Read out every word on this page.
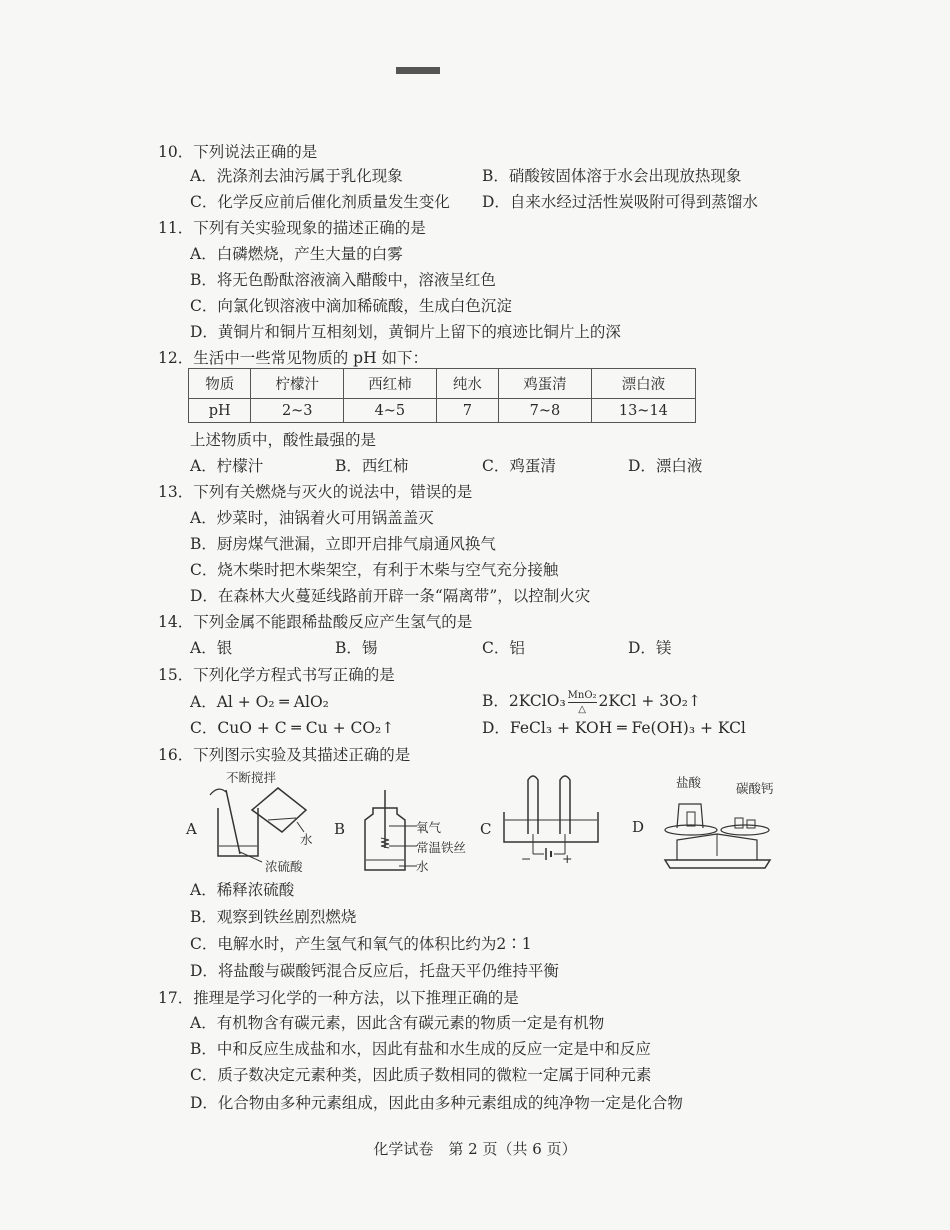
10．下列说法正确的是
A．洗涤剂去油污属于乳化现象	B．硝酸铵固体溶于水会出现放热现象
C．化学反应前后催化剂质量发生变化 D．自来水经过活性炭吸附可得到蒸馏水
11．下列有关实验现象的描述正确的是
A．白磷燃烧，产生大量的白雾
B．将无色酚酞溶液滴入醋酸中，溶液呈红色
C．向氯化钡溶液中滴加稀硫酸，生成白色沉淀
D．黄铜片和铜片互相刻划，黄铜片上留下的痕迹比铜片上的深
12．生活中一些常见物质的 pH 如下：
物质	柠檬汁	西红柿	纯水	鸡蛋清	漂白液
pH	2~3	4~5	7	7~8	13~14
上述物质中，酸性最强的是
A．柠檬汁	B．西红柿	C．鸡蛋清	D．漂白液
13．下列有关燃烧与灭火的说法中，错误的是
A．炒菜时，油锅着火可用锅盖盖灭
B．厨房煤气泄漏，立即开启排气扇通风换气
C．烧木柴时把木柴架空，有利于木柴与空气充分接触
D．在森林大火蔓延线路前开辟一条“隔离带”，以控制火灾
14．下列金属不能跟稀盐酸反应产生氢气的是
A．银	B．锡	C．铝	D．镁
15．下列化学方程式书写正确的是
A．Al + O₂ ═ AlO₂	B．2KClO₃ $\frac{\text{MnO₂}}{\triangle} 2KCl$ + 3O₂↑
C．CuO + C ═ Cu + CO₂↑	D．FeCl₃ + KOH ═ Fe(OH)₃ + KCl
16．下列图示实验及其描述正确的是
A
不断搅拌
水
浓硫酸
B	氧气
常温铁丝
水
C
− +
D
盐酸	碳酸钙
A．稀释浓硫酸
B．观察到铁丝剧烈燃烧
C．电解水时，产生氢气和氧气的体积比约为2∶1
D．将盐酸与碳酸钙混合反应后，托盘天平仍维持平衡
17．推理是学习化学的一种方法，以下推理正确的是
A．有机物含有碳元素，因此含有碳元素的物质一定是有机物
B．中和反应生成盐和水，因此有盐和水生成的反应一定是中和反应
C．质子数决定元素种类，因此质子数相同的微粒一定属于同种元素
D．化合物由多种元素组成，因此由多种元素组成的纯净物一定是化合物
化学试卷　第 2 页（共 6 页）
